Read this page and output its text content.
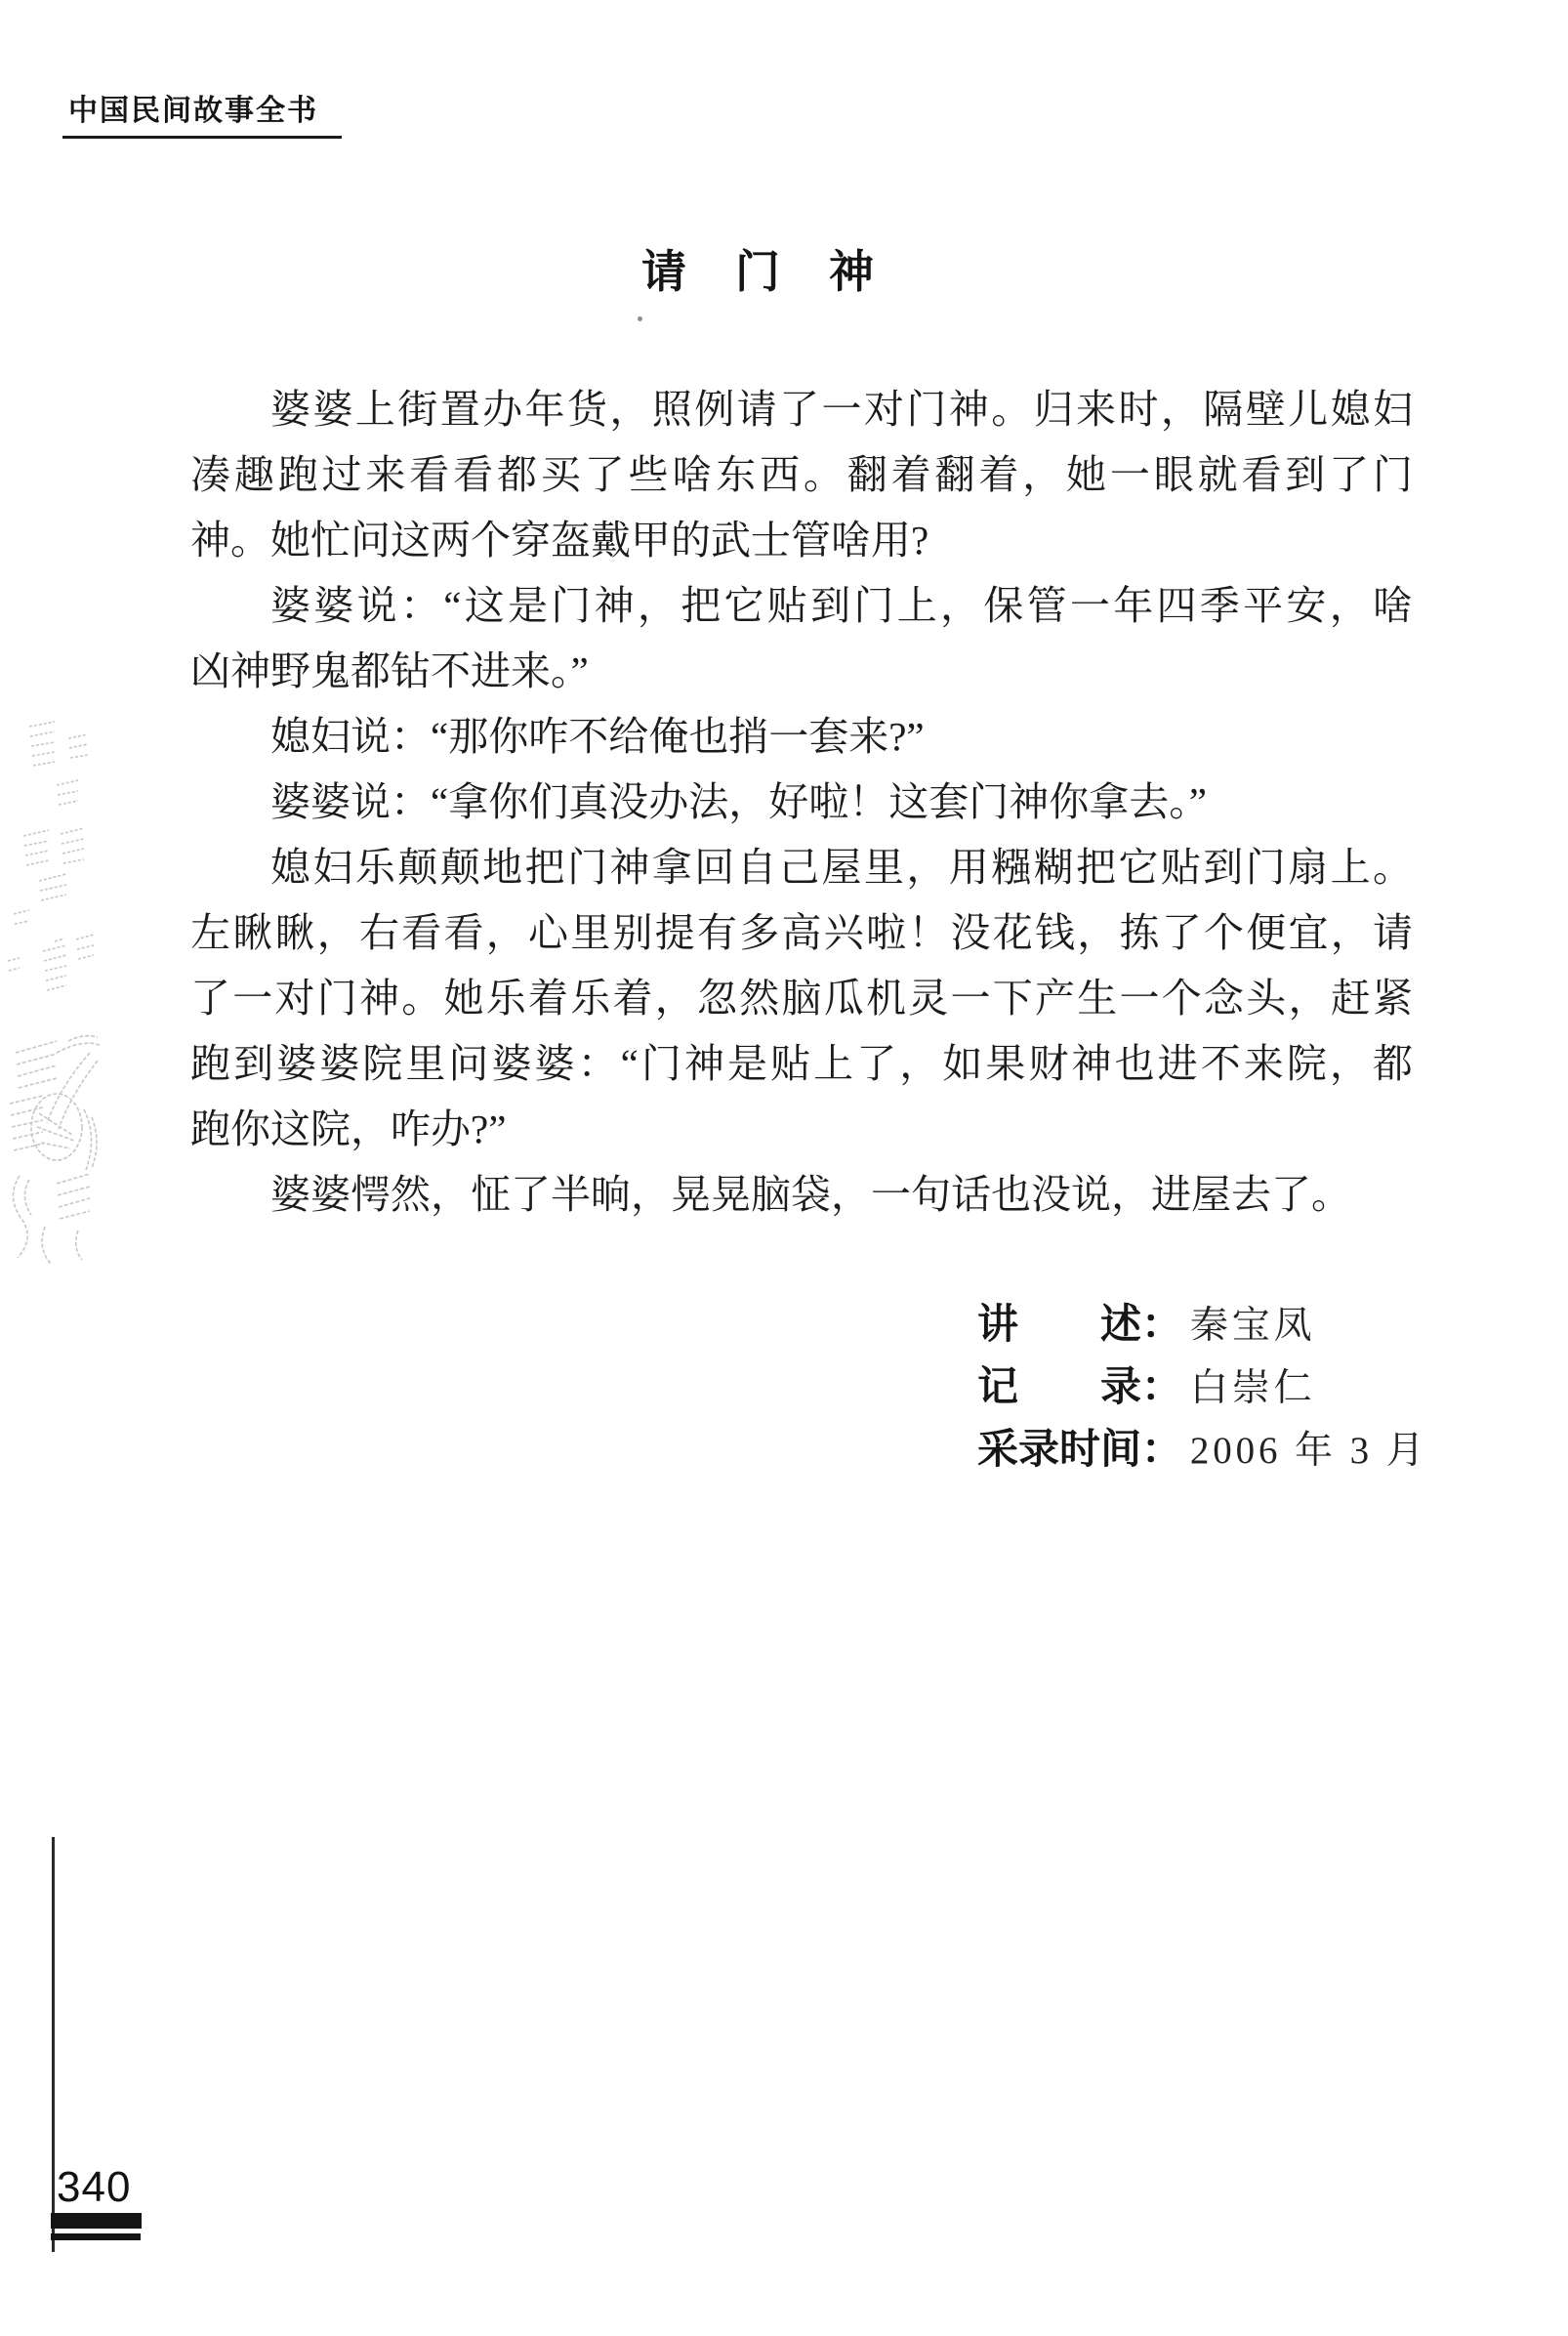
中国民间故事全书
请　门　神
婆婆上街置办年货，照例请了一对门神。归来时，隔壁儿媳妇
凑趣跑过来看看都买了些啥东西。翻着翻着，她一眼就看到了门
神。她忙问这两个穿盔戴甲的武士管啥用?
婆婆说：“这是门神，把它贴到门上，保管一年四季平安，啥
凶神野鬼都钻不进来。”
媳妇说：“那你咋不给俺也捎一套来?”
婆婆说：“拿你们真没办法，好啦！这套门神你拿去。”
媳妇乐颠颠地把门神拿回自己屋里，用糨糊把它贴到门扇上。
左瞅瞅，右看看，心里别提有多高兴啦！没花钱，拣了个便宜，请
了一对门神。她乐着乐着，忽然脑瓜机灵一下产生一个念头，赶紧
跑到婆婆院里问婆婆：“门神是贴上了，如果财神也进不来院，都
跑你这院，咋办?”
婆婆愕然，怔了半晌，晃晃脑袋，一句话也没说，进屋去了。
讲　　述： 秦宝凤
记　　录： 白崇仁
采录时间： 2006 年 3 月
340
